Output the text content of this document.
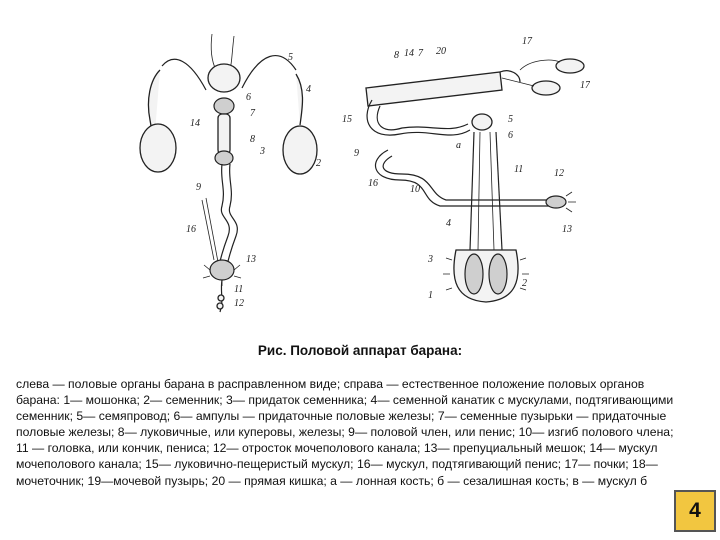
5
4
7
6
14
8
3
2
9
16
13
11
12
8 14 7 20
17
17
15	5
а
6
9
16
10
11	12
4
13
3
2
1
Рис. Половой аппарат барана:

слева — половые органы барана в расправленном виде; справа — естественное положение половых органов барана: 1— мошонка; 2— семенник; 3— придаток семенника; 4— семенной канатик с мускулами, подтягивающими семенник; 5— семяпровод; 6— ампулы — придаточные половые железы; 7— семенные пузырьки — придаточные половые железы; 8— луковичные, или куперовы, железы; 9— половой член, или пенис; 10— изгиб полового члена; 11 — головка, или кончик, пениса; 12— отросток мочеполового канала; 13— препуциальный мешок; 14— мускул мочеполового канала; 15— луковично-пещеристый мускул; 16— мускул, подтягивающий пенис; 17— почки; 18— мочеточник; 19—мочевой пузырь; 20 — прямая кишка; а — лонная кость; б — сезалишная кость; в — мускул б

4
